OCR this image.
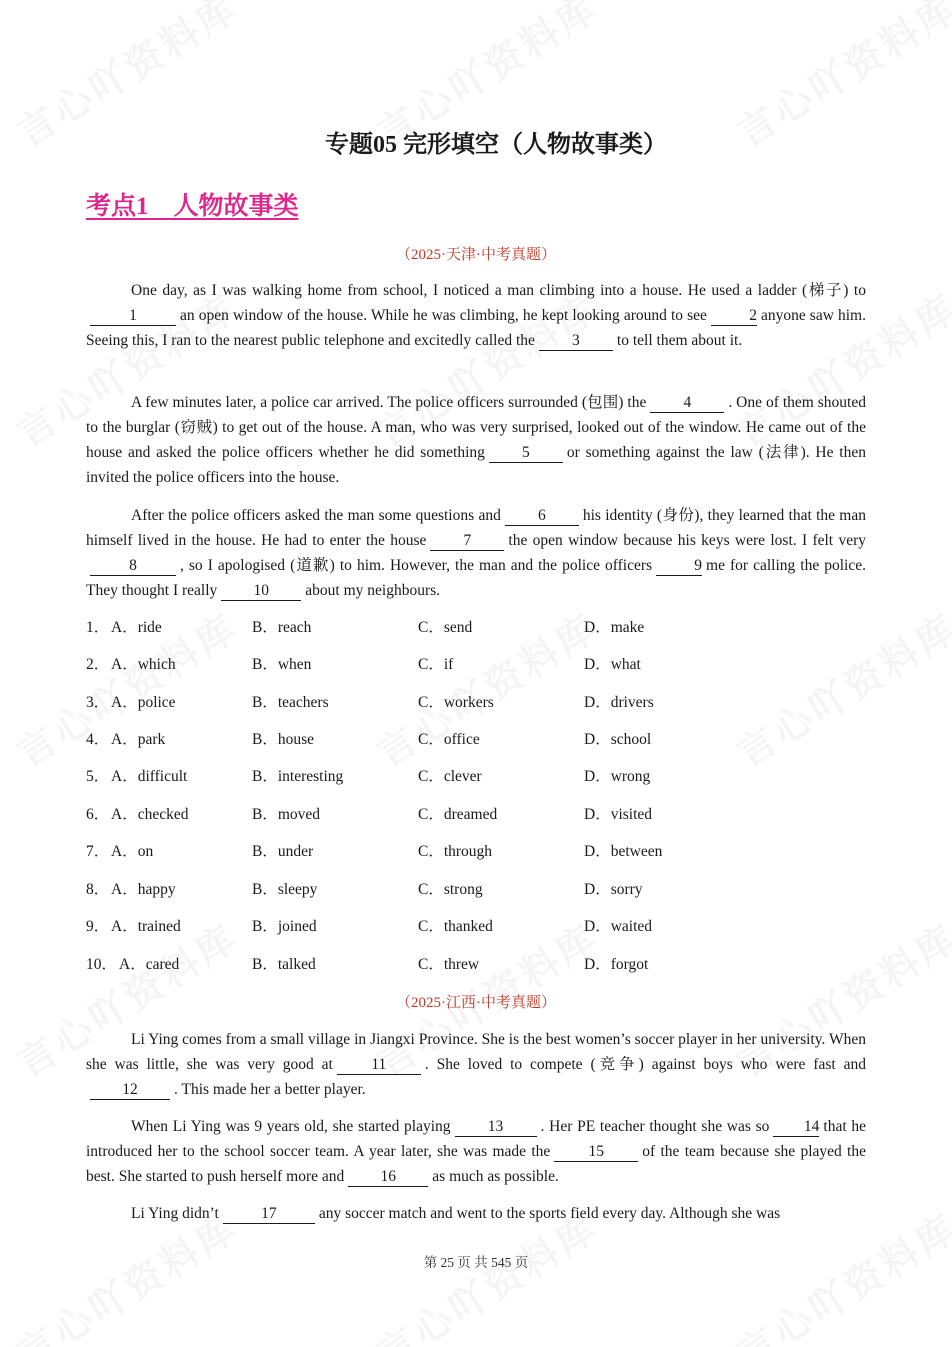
专题05 完形填空（人物故事类）
考点1　人物故事类
（2025·天津·中考真题）
One day, as I was walking home from school, I noticed a man climbing into a house. He used a ladder (梯子) to1	an open window of the house. While he was climbing, he kept looking around to see	2 anyone saw him. Seeing this, I ran to the nearest public telephone and excitedly called the 3 to tell them about it.
A few minutes later, a police car arrived. The police officers surrounded (包围) the 4 . One of them shouted to the burglar (窃贼) to get out of the house. A man, who was very surprised, looked out of the window. He came out of the house and asked the police officers whether he did something 5 or something against the law (法律). He then invited the police officers into the house.
After the police officers asked the man some questions and 6 his identity (身份), they learned that the man himself lived in the house. He had to enter the house 7 the open window because his keys were lost. I felt very8	, so I apologised (道歉) to him. However, the man and the police officers	9 me for calling the police. They thought I really 10 about my neighbours.
1． A．ride	B．reach	C．send	D．make
2． A．which	B．when	C．if	D．what
3． A．police	B．teachers	C．workers	D．drivers
4． A．park	B．house	C．office	D．school
5． A．difficult	B．interesting	C．clever	D．wrong
6． A．checked	B．moved	C．dreamed	D．visited
7． A．on	B．under	C．through	D．between
8． A．happy	B．sleepy	C．strong	D．sorry
9． A．trained	B．joined	C．thanked	D．waited
10． A．cared	B．talked	C．threw	D．forgot
（2025·江西·中考真题）
Li Ying comes from a small village in Jiangxi Province. She is the best women’s soccer player in her university. When she was little, she was very good at 11 . She loved to compete (竞争) against boys who were fast and12 . This made her a better player.
When Li Ying was 9 years old, she started playing 13 . Her PE teacher thought she was so 14 that he introduced her to the school soccer team. A year later, she was made the 15 of the team because she played the best. She started to push herself more and 16 as much as possible.
Li Ying didn’t	17	any soccer match and went to the sports field every day. Although she was
第 25 页 共 545 页
